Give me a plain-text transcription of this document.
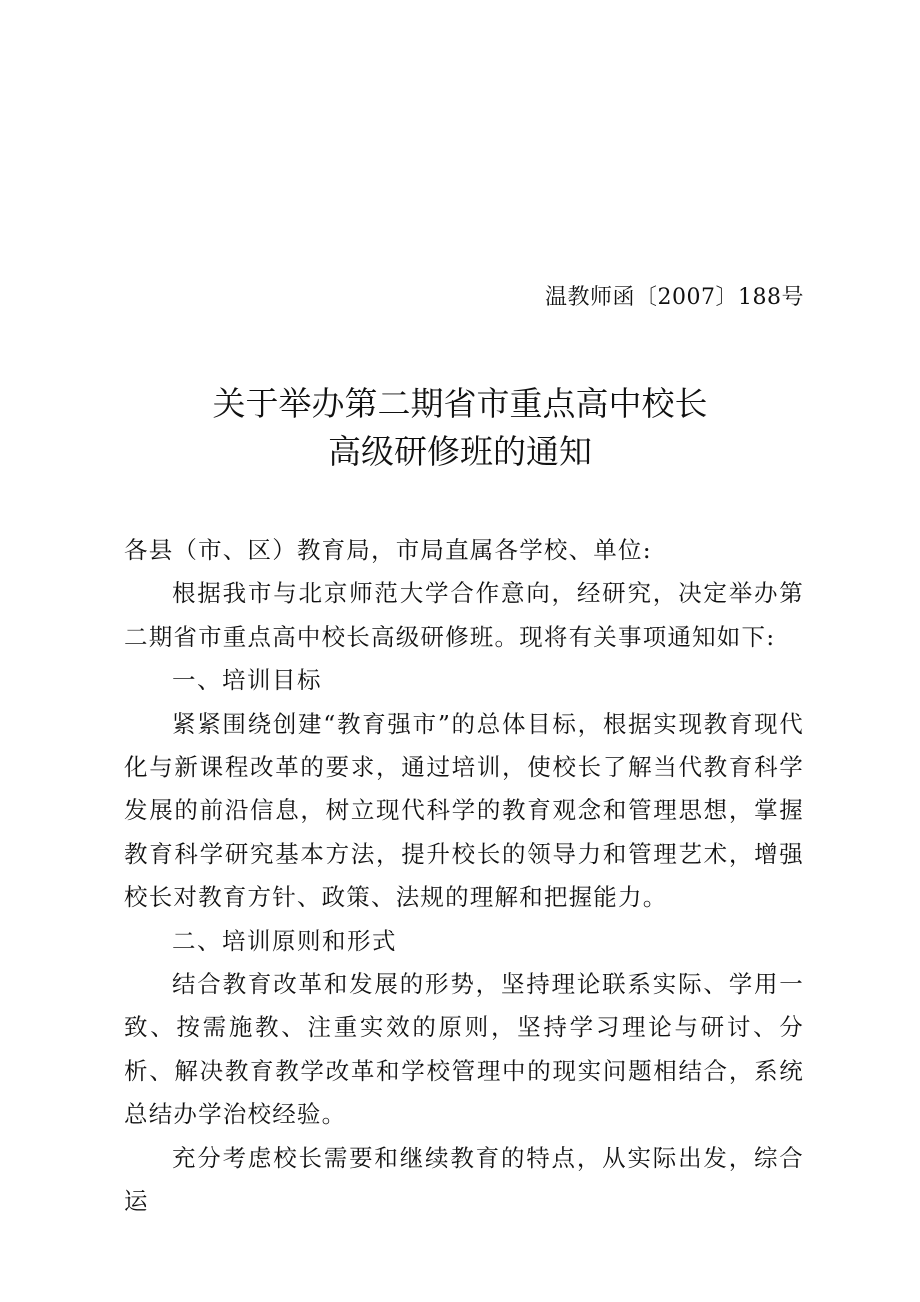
温教师函〔2007〕188号
关于举办第二期省市重点高中校长
高级研修班的通知

各县（市、区）教育局，市局直属各学校、单位:

根据我市与北京师范大学合作意向，经研究，决定举办第二期省市重点高中校长高级研修班。现将有关事项通知如下:

一、培训目标

紧紧围绕创建“教育强市”的总体目标，根据实现教育现代化与新课程改革的要求，通过培训，使校长了解当代教育科学发展的前沿信息，树立现代科学的教育观念和管理思想，掌握教育科学研究基本方法，提升校长的领导力和管理艺术，增强校长对教育方针、政策、法规的理解和把握能力。

二、培训原则和形式

结合教育改革和发展的形势，坚持理论联系实际、学用一致、按需施教、注重实效的原则，坚持学习理论与研讨、分析、解决教育教学改革和学校管理中的现实问题相结合，系统总结办学治校经验。

充分考虑校长需要和继续教育的特点，从实际出发，综合运
